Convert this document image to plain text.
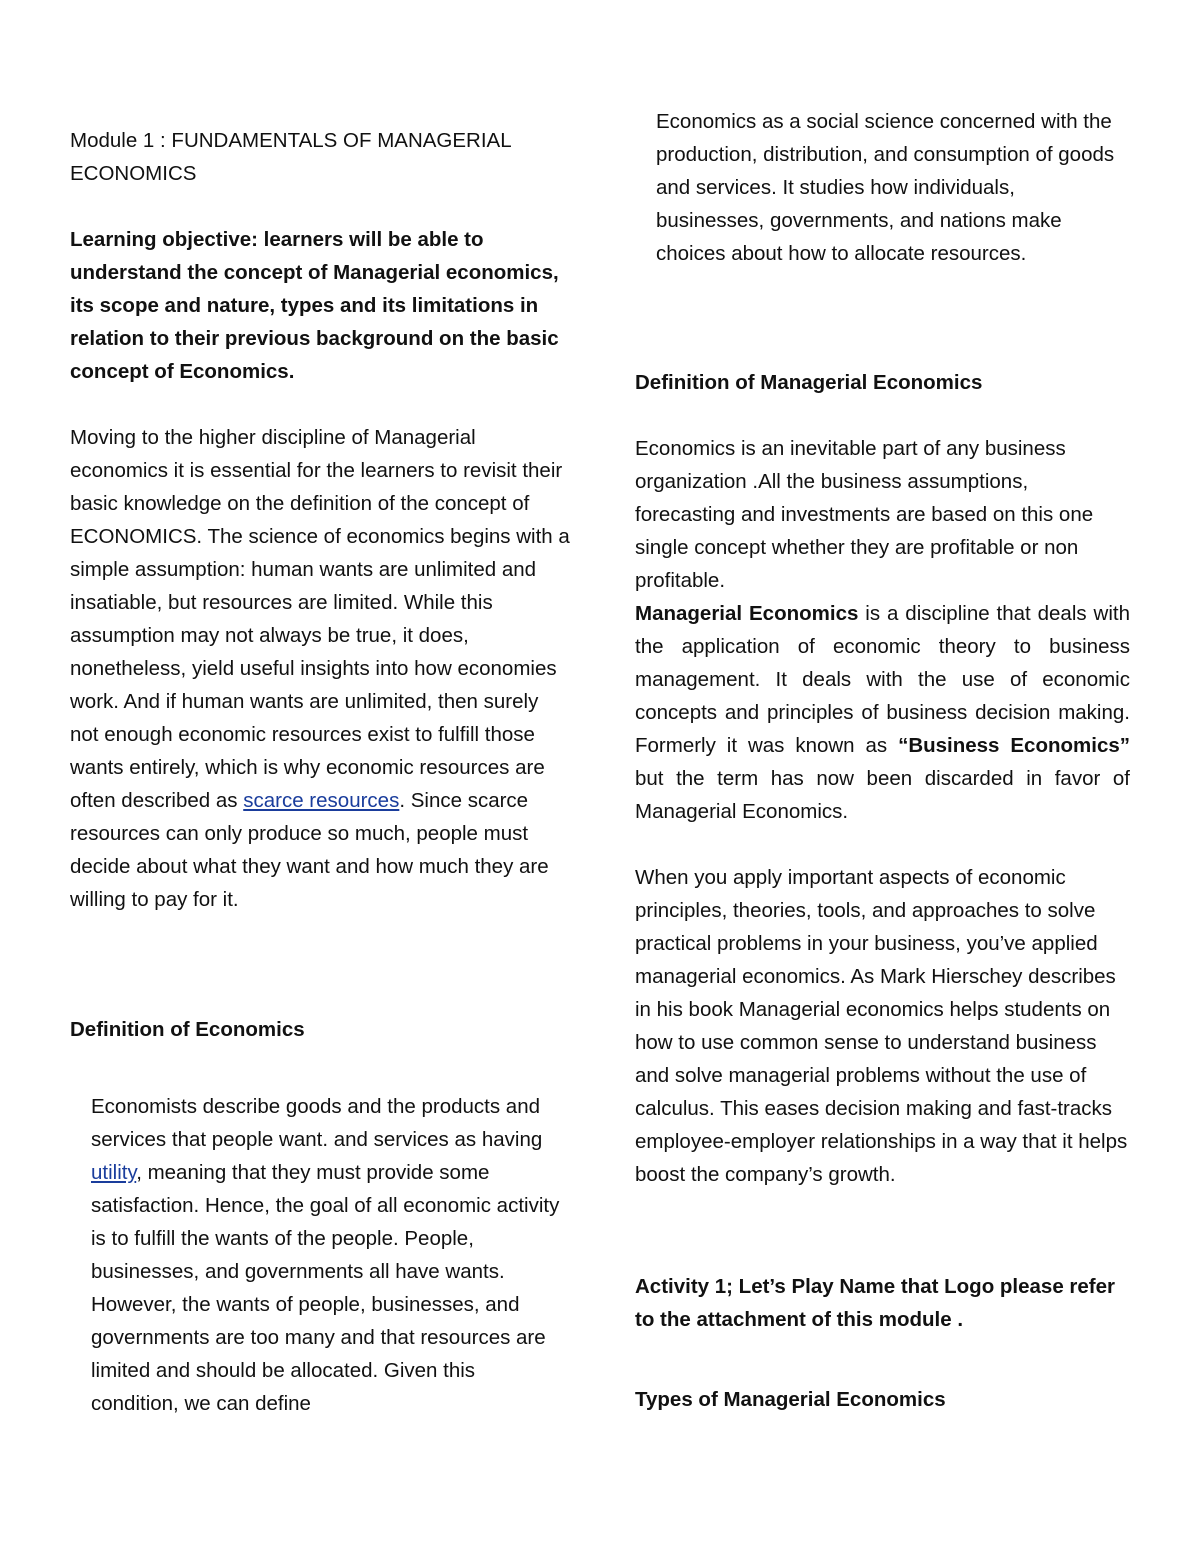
Module 1 : FUNDAMENTALS OF MANAGERIAL
ECONOMICS

Learning objective: learners will be able to understand the concept of Managerial economics, its scope and nature, types and its limitations in relation to their previous background on the basic concept of Economics.

Moving to the higher discipline of Managerial economics it is essential for the learners to revisit their basic knowledge on the definition of the concept of ECONOMICS. The science of economics begins with a simple assumption: human wants are unlimited and insatiable, but resources are limited. While this assumption may not always be true, it does, nonetheless, yield useful insights into how economies work. And if human wants are unlimited, then surely not enough economic resources exist to fulfill those wants entirely, which is why economic resources are often described as scarce resources. Since scarce resources can only produce so much, people must decide about what they want and how much they are willing to pay for it.

Definition of Economics

Economists describe goods and the products and services that people want. and services as having utility, meaning that they must provide some satisfaction. Hence, the goal of all economic activity is to fulfill the wants of the people. People, businesses, and governments all have wants. However, the wants of people, businesses, and governments are too many and that resources are limited and should be allocated. Given this condition, we can define

Economics as a social science concerned with the production, distribution, and consumption of goods and services. It studies how individuals, businesses, governments, and nations make choices about how to allocate resources.

Definition of Managerial Economics

Economics is an inevitable part of any business organization .All the business assumptions, forecasting and investments are based on this one single concept whether they are profitable or non profitable.

Managerial Economics is a discipline that deals with the application of economic theory to business management. It deals with the use of economic concepts and principles of business decision making. Formerly it was known as “Business Economics” but the term has now been discarded in favor of Managerial Economics.

When you apply important aspects of economic principles, theories, tools, and approaches to solve practical problems in your business, you’ve applied managerial economics. As Mark Hierschey describes in his book Managerial economics helps students on how to use common sense to understand business and solve managerial problems without the use of calculus. This eases decision making and fast-tracks employee-employer relationships in a way that it helps boost the company’s growth.

Activity 1; Let’s Play Name that Logo please refer to the attachment of this module .

Types of Managerial Economics
